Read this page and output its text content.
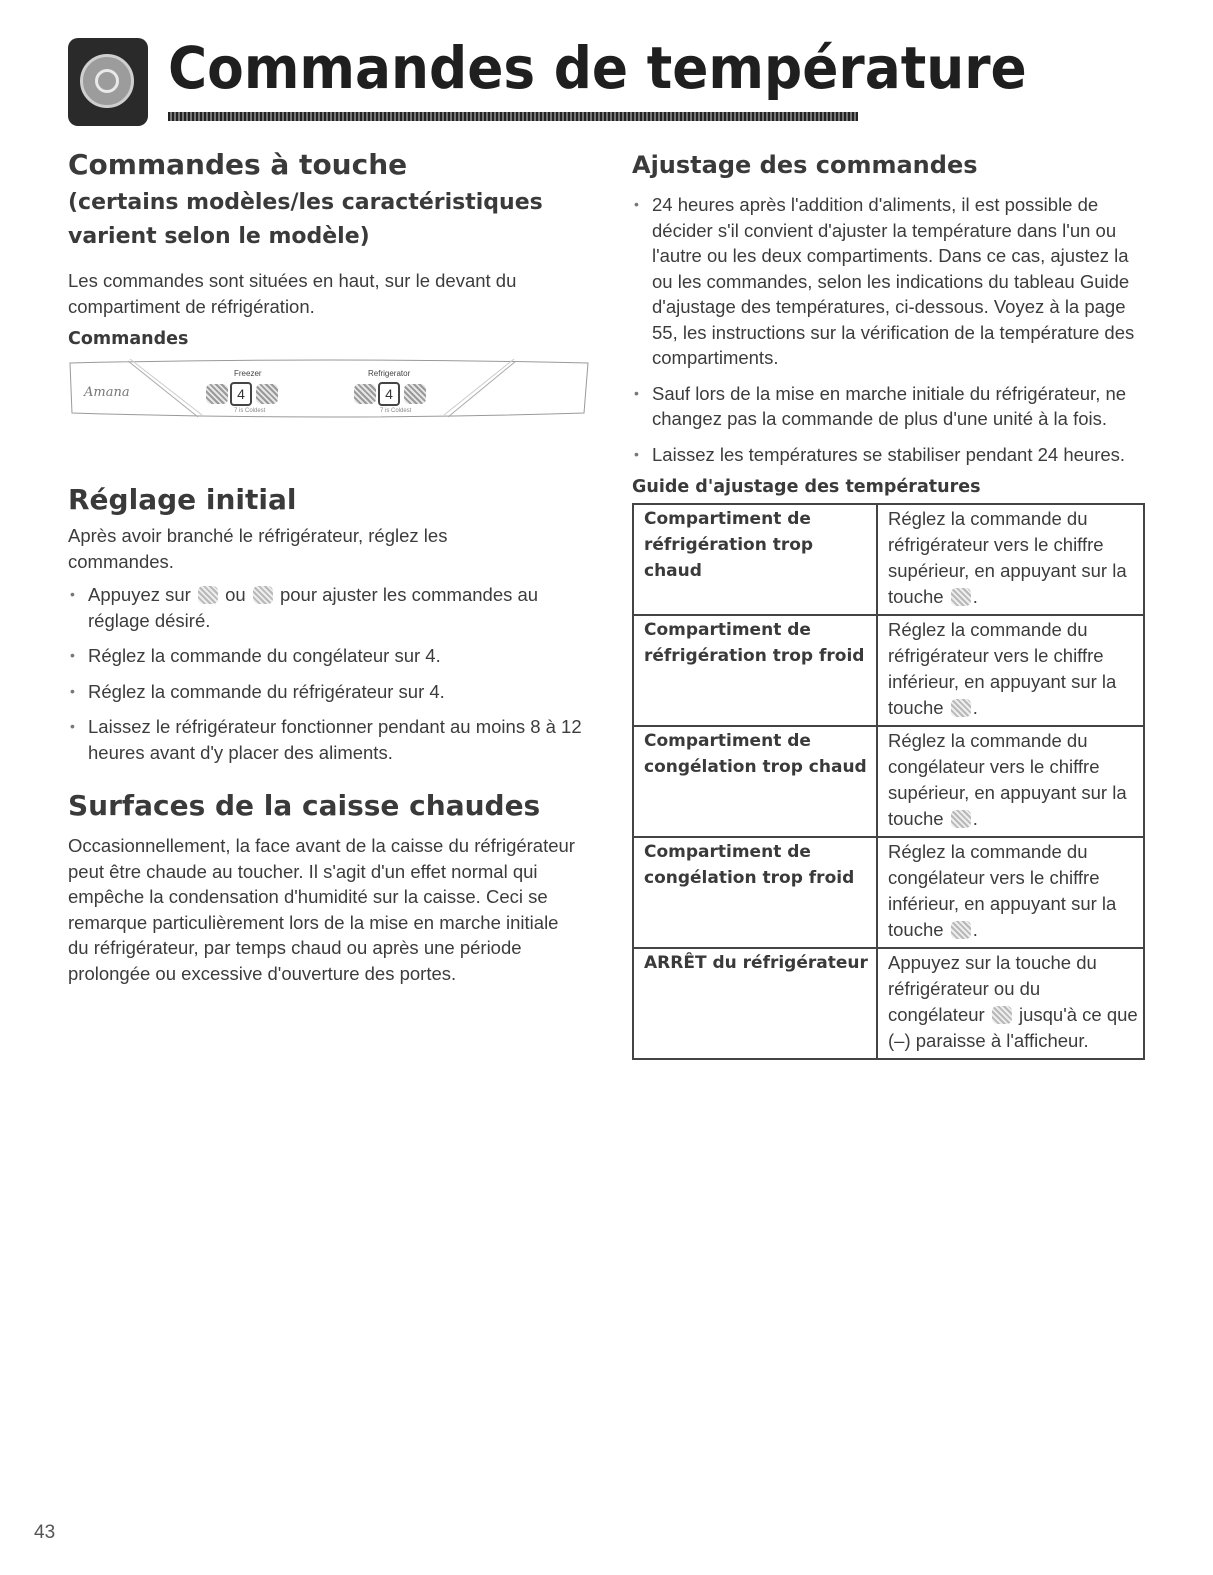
Commandes de température
Commandes à touche
(certains modèles/les caractéristiques varient selon le modèle)

Les commandes sont situées en haut, sur le devant du compartiment de réfrigération.

Commandes
Amana
Freezer	Refrigerator
4	4
7 is Coldest	7 is Coldest
Réglage initial

Après avoir branché le réfrigérateur, réglez les commandes.

• Appuyez sur ou pour ajuster les commandes au réglage désiré.
• Réglez la commande du congélateur sur 4.
• Réglez la commande du réfrigérateur sur 4.
• Laissez le réfrigérateur fonctionner pendant au moins 8 à 12 heures avant d'y placer des aliments.
Surfaces de la caisse chaudes

Occasionnellement, la face avant de la caisse du réfrigérateur peut être chaude au toucher. Il s'agit d'un effet normal qui empêche la condensation d'humidité sur la caisse. Ceci se remarque particulièrement lors de la mise en marche initiale du réfrigérateur, par temps chaud ou après une période prolongée ou excessive d'ouverture des portes.

Ajustage des commandes
• 24 heures après l'addition d'aliments, il est possible de décider s'il convient d'ajuster la température dans l'un ou l'autre ou les deux compartiments. Dans ce cas, ajustez la ou les commandes, selon les indications du tableau Guide d'ajustage des températures, ci-dessous. Voyez à la page 55, les instructions sur la vérification de la température des compartiments.
• Sauf lors de la mise en marche initiale du réfrigérateur, ne changez pas la commande de plus d'une unité à la fois.
• Laissez les températures se stabiliser pendant 24 heures.
Guide d'ajustage des températures
Compartiment de réfrigération trop chaud	Réglez la commande du réfrigérateur vers le chiffre supérieur, en appuyant sur la touche .
Compartiment de réfrigération trop froid	Réglez la commande du réfrigérateur vers le chiffre inférieur, en appuyant sur la touche .
Compartiment de congélation trop chaud	Réglez la commande du congélateur vers le chiffre supérieur, en appuyant sur la touche .
Compartiment de congélation trop froid	Réglez la commande du congélateur vers le chiffre inférieur, en appuyant sur la touche .
ARRÊT du réfrigérateur	Appuyez sur la touche du réfrigérateur ou du congélateur jusqu'à ce que (–) paraisse à l'afficheur.
43
